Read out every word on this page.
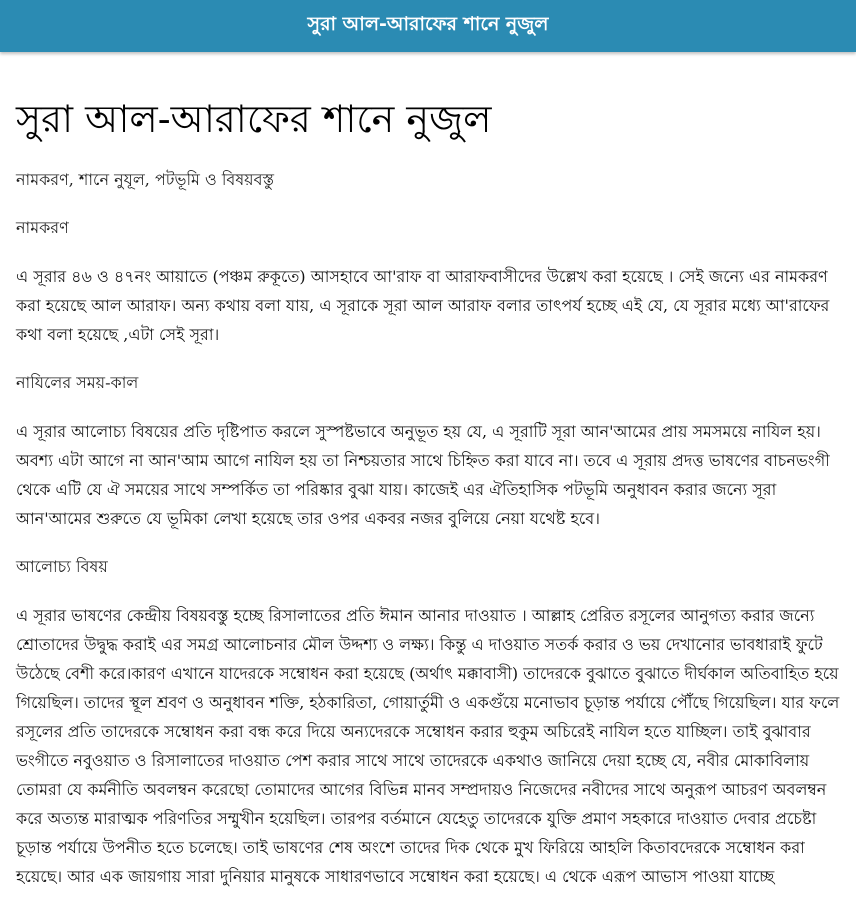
সুরা আল-আরাফের শানে নুজুল
সুরা আল-আরাফের শানে নুজুল

নামকরণ, শানে নুযূল, পটভূমি ও বিষয়বস্তু

নামকরণ

এ সূরার ৪৬ ও ৪৭নং আয়াতে (পঞ্চম রুকূতে) আসহাবে আ'রাফ বা আরাফবাসীদের উল্লেখ করা হয়েছে । সেই জন্যে এর নামকরণ করা হয়েছে আল আরাফ। অন্য কথায় বলা যায়, এ সূরাকে সূরা আল আরাফ বলার তাৎপর্য হচ্ছে এই যে, যে সূরার মধ্যে আ'রাফের কথা বলা হয়েছে ,এটা সেই সূরা।

নাযিলের সময়-কাল

এ সূরার আলোচ্য বিষয়ের প্রতি দৃষ্টিপাত করলে সুস্পষ্টভাবে অনুভূত হয় যে, এ সূরাটি সূরা আন'আমের প্রায় সমসময়ে নাযিল হয়। অবশ্য এটা আগে না আন'আম আগে নাযিল হয় তা নিশ্চয়তার সাথে চিহ্নিত করা যাবে না। তবে এ সূরায় প্রদত্ত ভাষণের বাচনভংগী থেকে এটি যে ঐ সময়ের সাথে সম্পর্কিত তা পরিষ্কার বুঝা যায়। কাজেই এর ঐতিহাসিক পটভূমি অনুধাবন করার জন্যে সূরা আন'আমের শুরুতে যে ভূমিকা লেখা হয়েছে তার ওপর একবর নজর বুলিয়ে নেয়া যথেষ্ট হবে।

আলোচ্য বিষয়

এ সূরার ভাষণের কেন্দ্রীয় বিষয়বস্তু হচ্ছে রিসালাতের প্রতি ঈমান আনার দাওয়াত । আল্লাহ প্রেরিত রসূলের আনুগত্য করার জন্যে শ্রোতাদের উদ্বুদ্ধ করাই এর সমগ্র আলোচনার মৌল উদ্দশ্য ও লক্ষ্য। কিন্তু এ দাওয়াত সতর্ক করার ও ভয় দেখানোর ভাবধারাই ফুটে উঠেছে বেশী করে।কারণ এখানে যাদেরকে সম্বোধন করা হয়েছে (অর্থাৎ মক্কাবাসী) তাদেরকে বুঝাতে বুঝাতে দীর্ঘকাল অতিবাহিত হয়ে গিয়েছিল। তাদের স্থূল শ্রবণ ও অনুধাবন শক্তি, হঠকারিতা, গোয়ার্তুমী ও একগুঁয়ে মনোভাব চূড়ান্ত পর্যায়ে পৌঁছে গিয়েছিল। যার ফলে রসূলের প্রতি তাদেরকে সম্বোধন করা বন্ধ করে দিয়ে অন্যদেরকে সম্বোধন করার হুকুম অচিরেই নাযিল হতে যাচ্ছিল। তাই বুঝাবার ভংগীতে নবুওয়াত ও রিসালাতের দাওয়াত পেশ করার সাথে সাথে তাদেরকে একথাও জানিয়ে দেয়া হচ্ছে যে, নবীর মোকাবিলায় তোমরা যে কর্মনীতি অবলম্বন করেছো তোমাদের আগের বিভিন্ন মানব সম্প্রদায়ও নিজেদের নবীদের সাথে অনুরূপ আচরণ অবলম্বন করে অত্যন্ত মারাত্মক পরিণতির সম্মুখীন হয়েছিল। তারপর বর্তমানে যেহেতু তাদেরকে যুক্তি প্রমাণ সহকারে দাওয়াত দেবার প্রচেষ্টা চূড়ান্ত পর্যায়ে উপনীত হতে চলেছে। তাই ভাষণের শেষ অংশে তাদের দিক থেকে মুখ ফিরিয়ে আহলি কিতাবদেরকে সম্বোধন করা হয়েছে। আর এক জায়গায় সারা দুনিয়ার মানুষকে সাধারণভাবে সম্বোধন করা হয়েছে। এ থেকে এরূপ আভাস পাওয়া যাচ্ছে
